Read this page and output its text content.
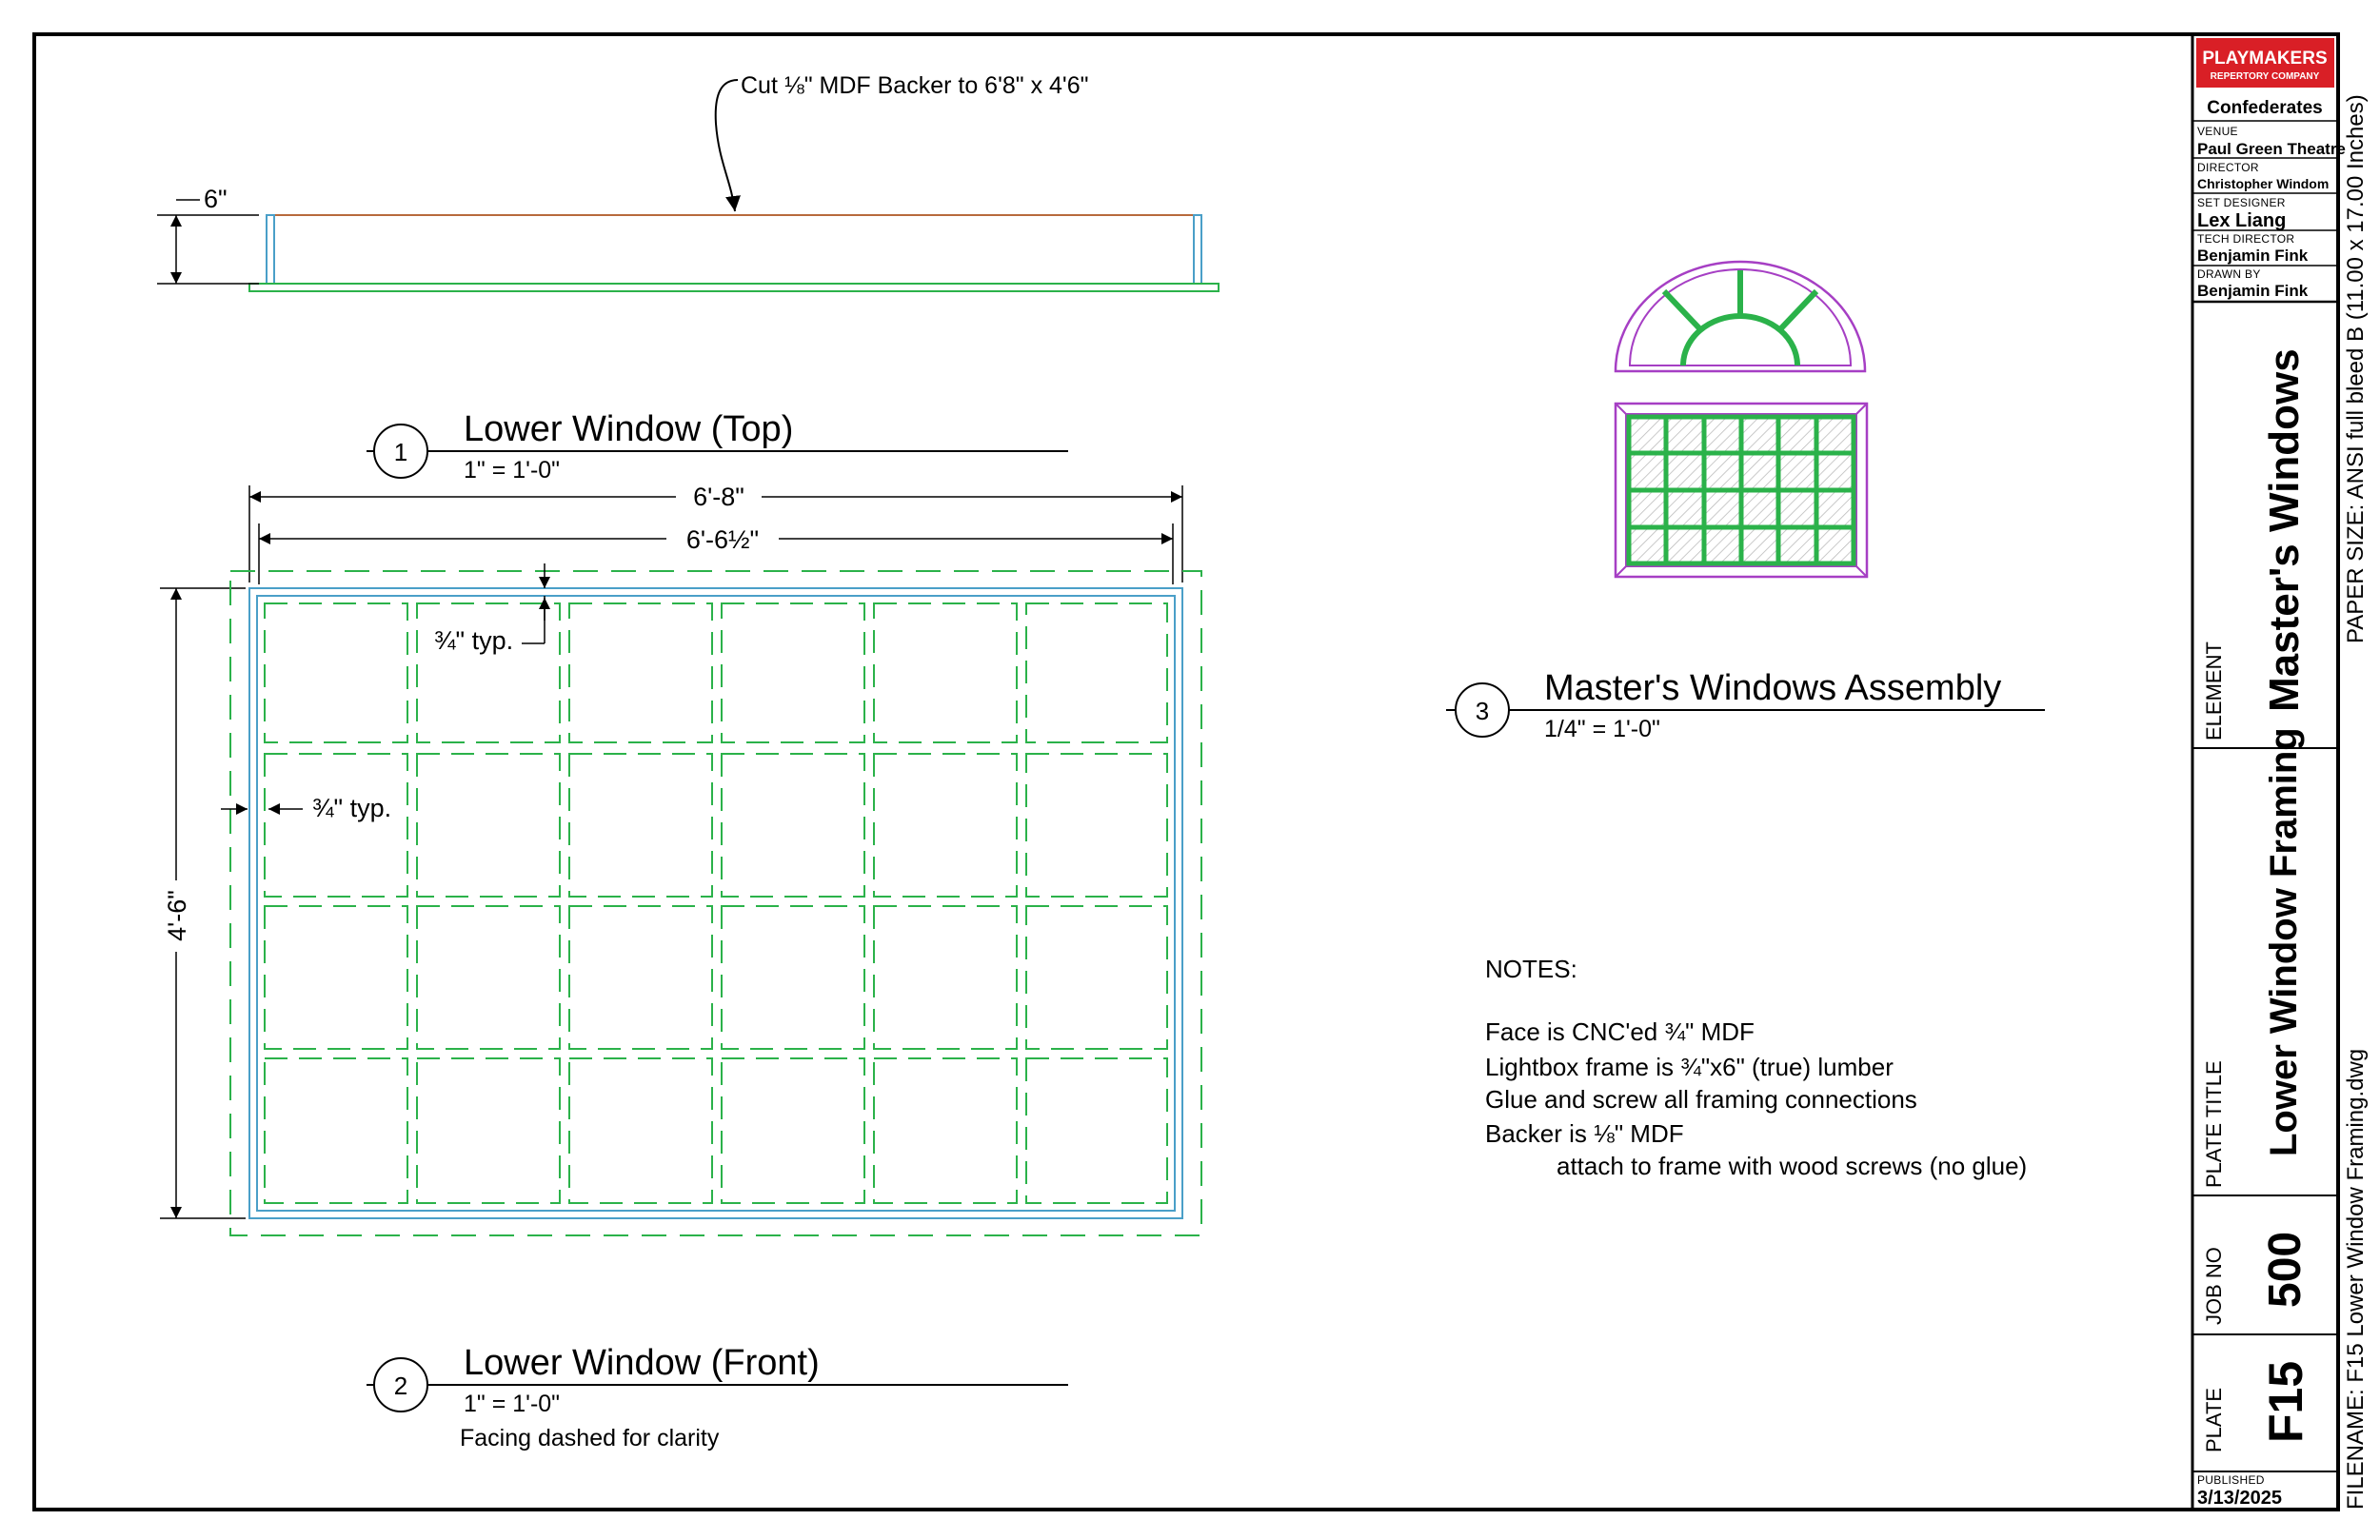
Cut ⅛" MDF Backer to 6'8" x 4'6"
6"
1
Lower Window (Top)
1" = 1'-0"
6'-8"
6'-6½"
4'-6"
¾" typ.
¾" typ.
2
Lower Window (Front)
1" = 1'-0"
Facing dashed for clarity
3
Master's Windows Assembly
1/4" = 1'-0"
NOTES:
Face is CNC'ed ¾" MDF
Lightbox frame is ¾"x6" (true) lumber
Glue and screw all framing connections
Backer is ⅛" MDF
attach to frame with wood screws (no glue)
PLAYMAKERS
REPERTORY COMPANY
Confederates
VENUE
Paul Green Theatre
DIRECTOR
Christopher Windom
SET DESIGNER
Lex Liang
TECH DIRECTOR
Benjamin Fink
DRAWN BY
Benjamin Fink
ELEMENT Master's Windows
PLATE TITLE Lower Window Framing
JOB NO 500
PLATE F15
PUBLISHED
3/13/2025
PAPER SIZE: ANSI full bleed B (11.00 x 17.00 Inches)
FILENAME: F15 Lower Window Framing.dwg
